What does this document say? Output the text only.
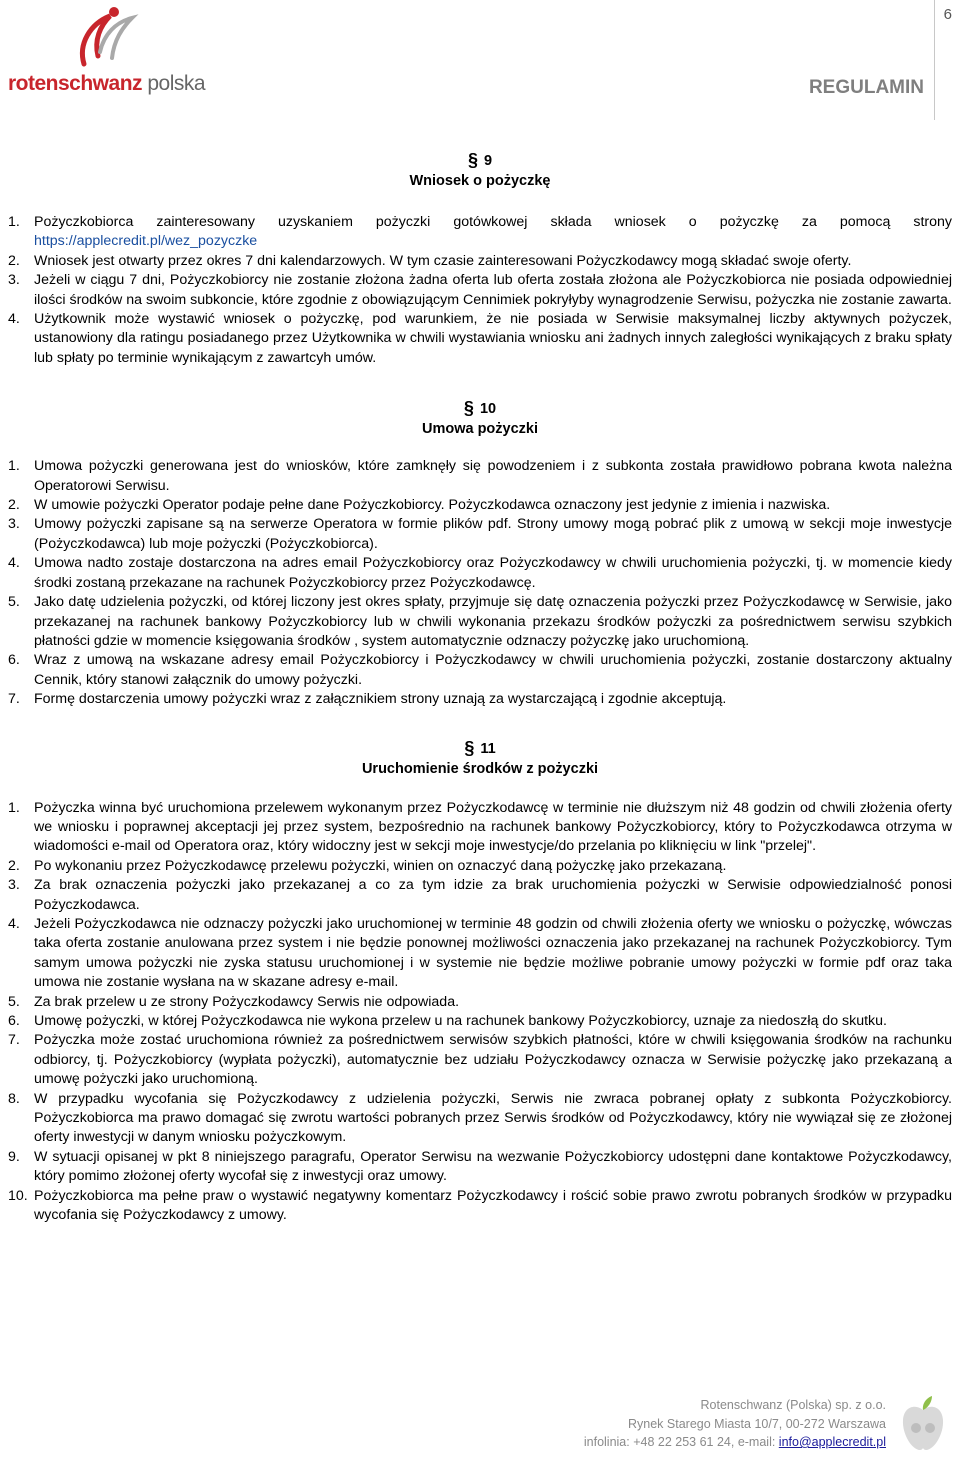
6
rotenschwanz polska	REGULAMIN
§ 9
Wniosek o pożyczkę
1. Pożyczkobiorca zainteresowany uzyskaniem pożyczki gotówkowej składa wniosek o pożyczkę za pomocą strony https://applecredit.pl/wez_pozyczke
2. Wniosek jest otwarty przez okres 7 dni kalendarzowych. W tym czasie zainteresowani Pożyczkodawcy mogą składać swoje oferty.
3. Jeżeli w ciągu 7 dni, Pożyczkobiorcy nie zostanie złożona żadna oferta lub oferta została złożona ale Pożyczkobiorca nie posiada odpowiedniej ilości środków na swoim subkoncie, które zgodnie z obowiązującym Cennimiek pokryłyby wynagrodzenie Serwisu, pożyczka nie zostanie zawarta.
4. Użytkownik może wystawić wniosek o pożyczkę, pod warunkiem, że nie posiada w Serwisie maksymalnej liczby aktywnych pożyczek, ustanowiony dla ratingu posiadanego przez Użytkownika w chwili wystawiania wniosku ani żadnych innych zaległości wynikających z braku spłaty lub spłaty po terminie wynikającym z zawartcyh umów.
§ 10
Umowa pożyczki
1. Umowa pożyczki generowana jest do wniosków, które zamknęły się powodzeniem i z subkonta została prawidłowo pobrana kwota należna Operatorowi Serwisu.
2. W umowie pożyczki Operator podaje pełne dane Pożyczkobiorcy. Pożyczkodawca oznaczony jest jedynie z imienia i nazwiska.
3. Umowy pożyczki zapisane są na serwerze Operatora w formie plików pdf. Strony umowy mogą pobrać plik z umową w sekcji moje inwestycje (Pożyczkodawca) lub moje pożyczki (Pożyczkobiorca).
4. Umowa nadto zostaje dostarczona na adres email Pożyczkobiorcy oraz Pożyczkodawcy w chwili uruchomienia pożyczki, tj. w momencie kiedy środki zostaną przekazane na rachunek Pożyczkobiorcy przez Pożyczkodawcę.
5. Jako datę udzielenia pożyczki, od której liczony jest okres spłaty, przyjmuje się datę oznaczenia pożyczki przez Pożyczkodawcę w Serwisie, jako przekazanej na rachunek bankowy Pożyczkobiorcy lub w chwili wykonania przekazu środków pożyczki za pośrednictwem serwisu szybkich płatności gdzie w momencie księgowania środków , system automatycznie odznaczy pożyczkę jako uruchomioną.
6. Wraz z umową na wskazane adresy email Pożyczkobiorcy i Pożyczkodawcy w chwili uruchomienia pożyczki, zostanie dostarczony aktualny Cennik, który stanowi załącznik do umowy pożyczki.
7. Formę dostarczenia umowy pożyczki wraz z załącznikiem strony uznają za wystarczającą i zgodnie akceptują.
§ 11
Uruchomienie środków z pożyczki
1. Pożyczka winna być uruchomiona przelewem wykonanym przez Pożyczkodawcę w terminie nie dłuższym niż 48 godzin od chwili złożenia oferty we wniosku i poprawnej akceptacji jej przez system, bezpośrednio na rachunek bankowy Pożyczkobiorcy, który to Pożyczkodawca otrzyma w wiadomości e-mail od Operatora oraz, który widoczny jest w sekcji moje inwestycje/do przelania po kliknięciu w link "przelej".
2. Po wykonaniu przez Pożyczkodawcę przelewu pożyczki, winien on oznaczyć daną pożyczkę jako przekazaną.
3. Za brak oznaczenia pożyczki jako przekazanej a co za tym idzie za brak uruchomienia pożyczki w Serwisie odpowiedzialność ponosi Pożyczkodawca.
4. Jeżeli Pożyczkodawca nie odznaczy pożyczki jako uruchomionej w terminie 48 godzin od chwili złożenia oferty we wniosku o pożyczkę, wówczas taka oferta zostanie anulowana przez system i nie będzie ponownej możliwości oznaczenia jako przekazanej na rachunek Pożyczkobiorcy. Tym samym umowa pożyczki nie zyska statusu uruchomionej i w systemie nie będzie możliwe pobranie umowy pożyczki w formie pdf oraz taka umowa nie zostanie wysłana na w skazane adresy e-mail.
5. Za brak przelew u ze strony Pożyczkodawcy Serwis nie odpowiada.
6. Umowę pożyczki, w której Pożyczkodawca nie wykona przelew u na rachunek bankowy Pożyczkobiorcy, uznaje za niedoszłą do skutku.
7. Pożyczka może zostać uruchomiona również za pośrednictwem serwisów szybkich płatności, które w chwili księgowania środków na rachunku odbiorcy, tj. Pożyczkobiorcy (wypłata pożyczki), automatycznie bez udziału Pożyczkodawcy oznacza w Serwisie pożyczkę jako przekazaną a umowę pożyczki jako uruchomioną.
8. W przypadku wycofania się Pożyczkodawcy z udzielenia pożyczki, Serwis nie zwraca pobranej opłaty z subkonta Pożyczkobiorcy. Pożyczkobiorca ma prawo domagać się zwrotu wartości pobranych przez Serwis środków od Pożyczkodawcy, który nie wywiązał się ze złożonej oferty inwestycji w danym wniosku pożyczkowym.
9. W sytuacji opisanej w pkt 8 niniejszego paragrafu, Operator Serwisu na wezwanie Pożyczkobiorcy udostępni dane kontaktowe Pożyczkodawcy, który pomimo złożonej oferty wycofał się z inwestycji oraz umowy.
10. Pożyczkobiorca ma pełne praw o wystawić negatywny komentarz Pożyczkodawcy i rościć sobie prawo zwrotu pobranych środków w przypadku wycofania się Pożyczkodawcy z umowy.
Rotenschwanz (Polska) sp. z o.o.
Rynek Starego Miasta 10/7, 00-272 Warszawa
infolinia: +48 22 253 61 24, e-mail: info@applecredit.pl
